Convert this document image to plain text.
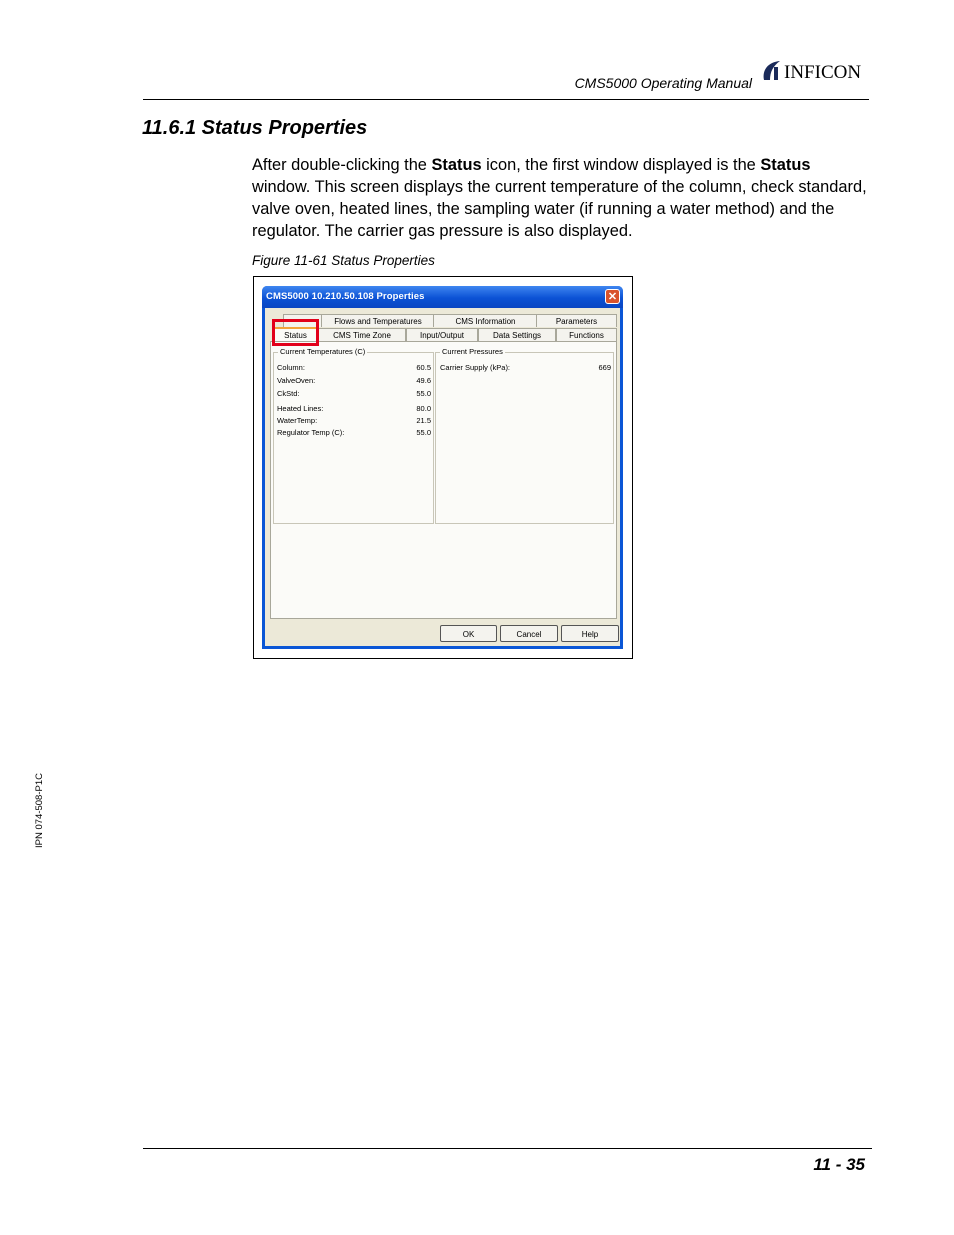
CMS5000 Operating Manual INFICON
11.6.1 Status Properties
After double-clicking the Status icon, the first window displayed is the Status window. This screen displays the current temperature of the column, check standard, valve oven, heated lines, the sampling water (if running a water method) and the regulator. The carrier gas pressure is also displayed.
Figure 11-61 Status Properties
CMS5000 10.210.50.108 Properties	✕
Flows and Temperatures	CMS Information	Parameters
Status	CMS Time Zone	Input/Output	Data Settings	Functions
Current Temperatures (C)
Column:	60.5
ValveOven:	49.6
CkStd:	55.0
Heated Lines:	80.0
WaterTemp:	21.5
Regulator Temp (C):	55.0
Current Pressures
Carrier Supply (kPa):	669
OK	Cancel	Help
11 - 35
IPN 074-508-P1C
